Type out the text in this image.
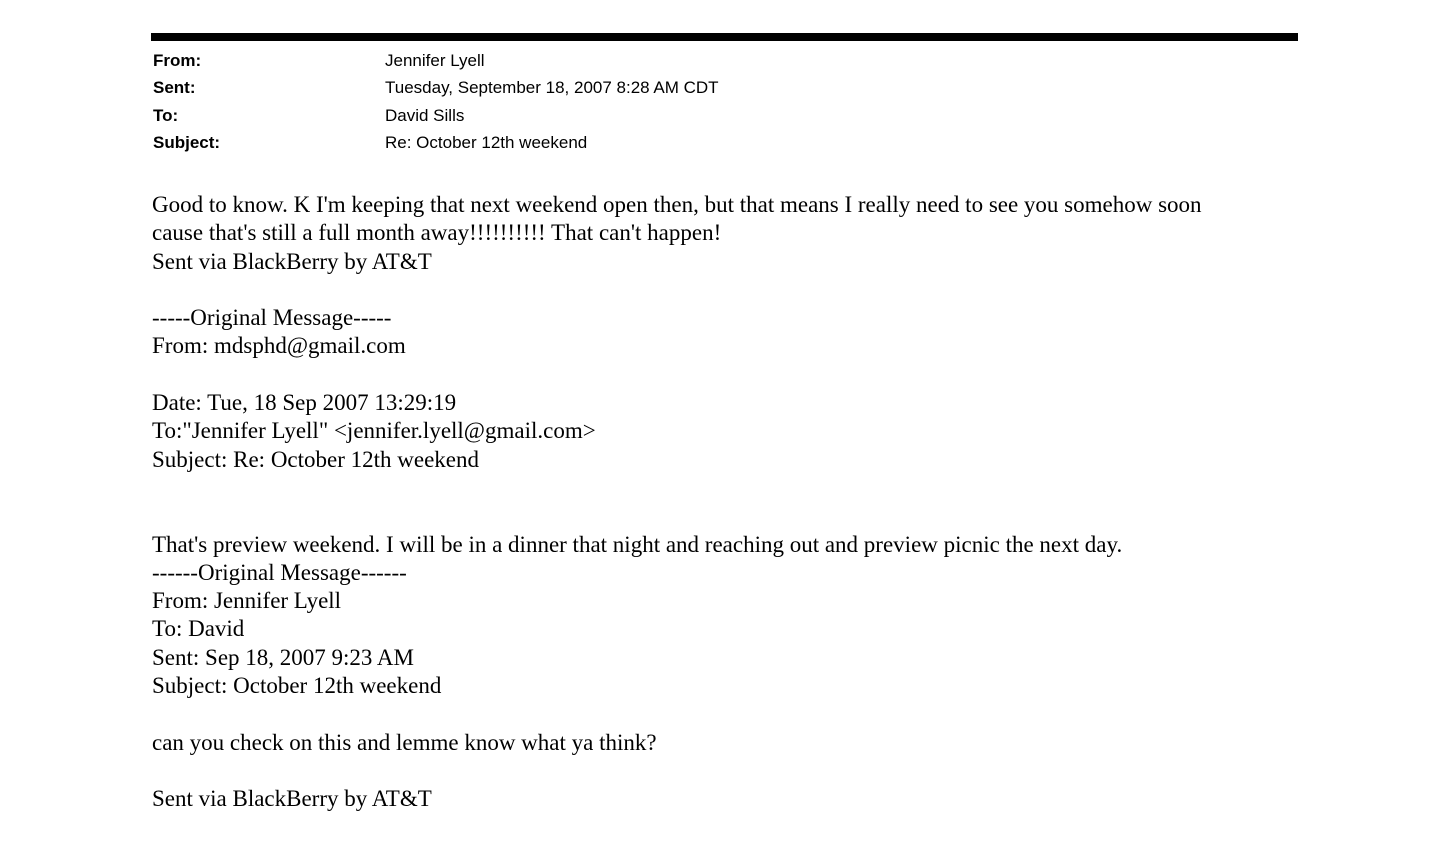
From:	Jennifer Lyell
Sent:	Tuesday, September 18, 2007 8:28 AM CDT
To:	David Sills
Subject:	Re: October 12th weekend
Good to know. K I'm keeping that next weekend open then, but that means I really need to see you somehow soon
cause that's still a full month away!!!!!!!!!! That can't happen!
Sent via BlackBerry by AT&T
-----Original Message-----
From: mdsphd@gmail.com
Date: Tue, 18 Sep 2007 13:29:19
To:"Jennifer Lyell" <jennifer.lyell@gmail.com>
Subject: Re: October 12th weekend
That's preview weekend. I will be in a dinner that night and reaching out and preview picnic the next day.
------Original Message------
From: Jennifer Lyell
To: David
Sent: Sep 18, 2007 9:23 AM
Subject: October 12th weekend
can you check on this and lemme know what ya think?
Sent via BlackBerry by AT&T
